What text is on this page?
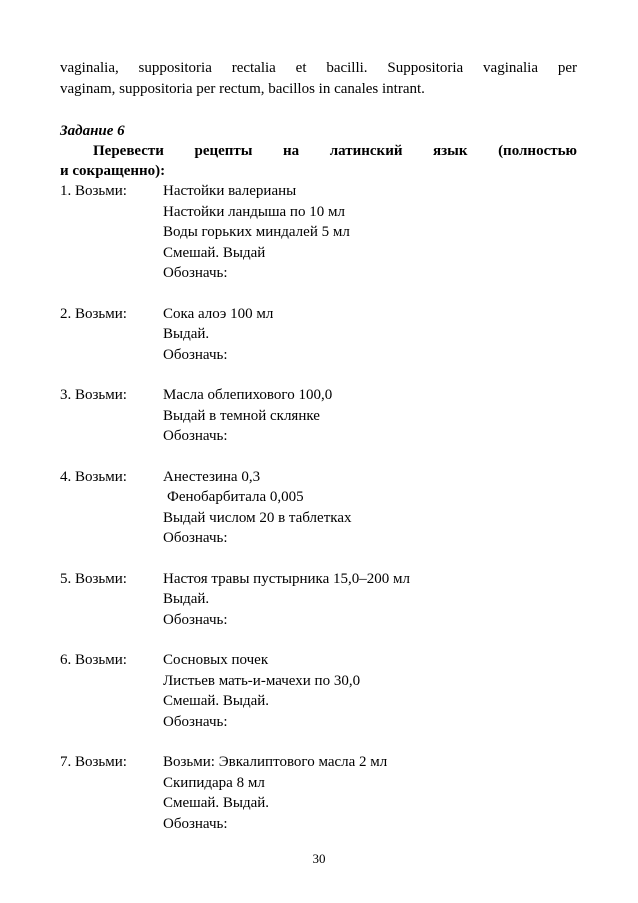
vaginalia, suppositoria rectalia et bacilli. Suppositoria vaginalia per
vaginam, suppositoria per rectum, bacillos in canales intrant.
Задание 6
Перевести рецепты на латинский язык (полностью
и сокращенно):
1. Возьми:	Настойки валерианы
Настойки ландыша по 10 мл
Воды горьких миндалей 5 мл
Смешай. Выдай
Обозначь:
2. Возьми:	Сока алоэ 100 мл
Выдай.
Обозначь:
3. Возьми:	Масла облепихового 100,0
Выдай в темной склянке
Обозначь:
4. Возьми:	Анестезина 0,3
Фенобарбитала 0,005
Выдай числом 20 в таблетках
Обозначь:
5. Возьми:	Настоя травы пустырника 15,0–200 мл
Выдай.
Обозначь:
6. Возьми:	Сосновых почек
Листьев мать-и-мачехи по 30,0
Смешай. Выдай.
Обозначь:
7. Возьми:	Возьми: Эвкалиптового масла 2 мл
Скипидара 8 мл
Смешай. Выдай.
Обозначь:
30
